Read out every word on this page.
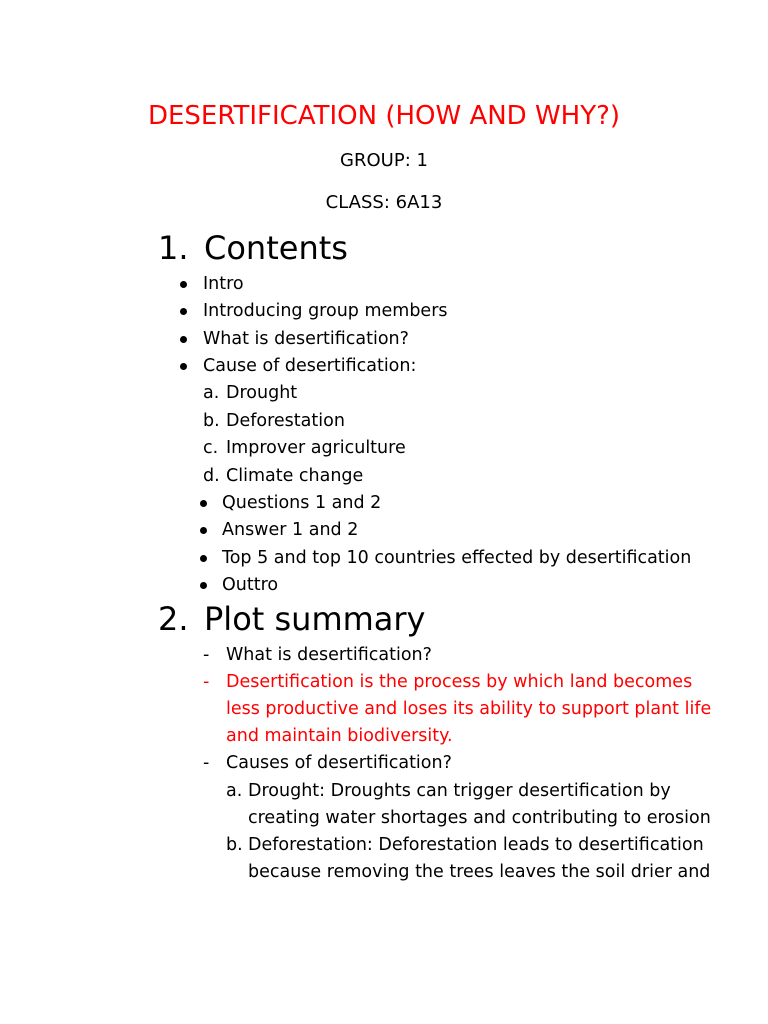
DESERTIFICATION (HOW AND WHY?)
GROUP: 1
CLASS: 6A13
1. Contents
Intro
Introducing group members
What is desertification?
Cause of desertification:
a. Drought
b. Deforestation
c. Improver agriculture
d. Climate change
Questions 1 and 2
Answer 1 and 2
Top 5 and top 10 countries effected by desertification
Outtro
2. Plot summary
- What is desertification?
- Desertification is the process by which land becomes
less productive and loses its ability to support plant life
and maintain biodiversity.
- Causes of desertification?
a. Drought: Droughts can trigger desertification by
creating water shortages and contributing to erosion
b. Deforestation: Deforestation leads to desertification
because removing the trees leaves the soil drier and
